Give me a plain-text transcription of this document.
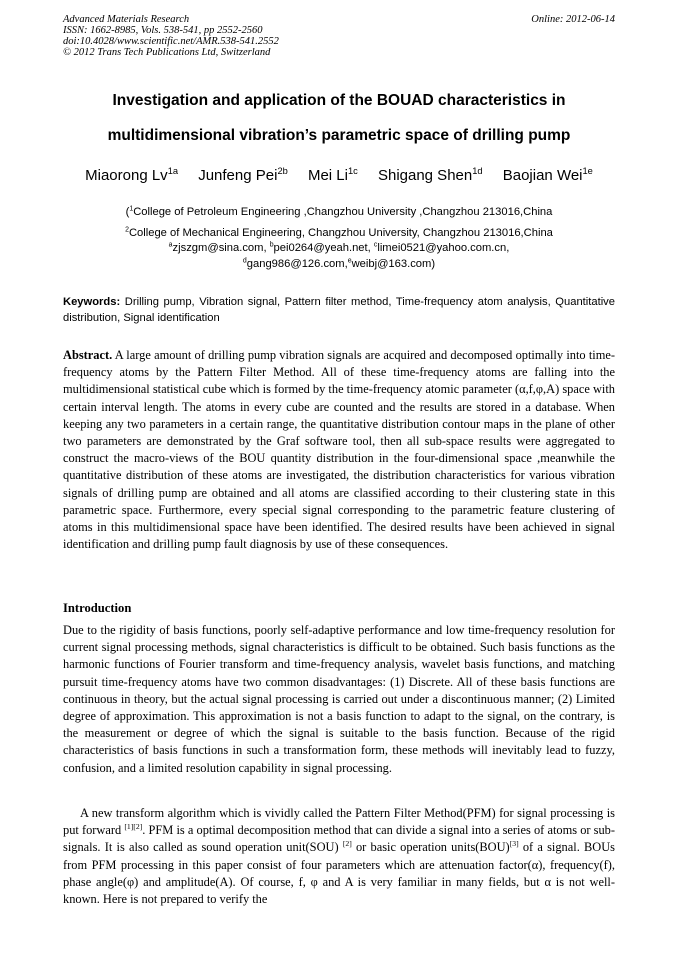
Advanced Materials Research
ISSN: 1662-8985, Vols. 538-541, pp 2552-2560
doi:10.4028/www.scientific.net/AMR.538-541.2552
© 2012 Trans Tech Publications Ltd, Switzerland
Online: 2012-06-14
Investigation and application of the BOUAD characteristics in
multidimensional vibration’s parametric space of drilling pump
Miaorong $Lv^{1a}$ Junfeng Pei$^{2b}$ Mei $Li^{1c}$ Shigang Shen$^{1d}$ Baojian Wei$^{1e}$
($^1$College of Petroleum Engineering ,Changzhou University ,Changzhou 213016,China
$^2$College of Mechanical Engineering, Changzhou University, Changzhou 213016,China
$^a$zjszgm@sina.com, $^b$pei0264@yeah.net, $^c$limei0521@yahoo.com.cn,
$^d$gang986@126.com,$^e$weibj@163.com)
Keywords: Drilling pump, Vibration signal, Pattern filter method, Time-frequency atom analysis, Quantitative distribution, Signal identification
Abstract. A large amount of drilling pump vibration signals are acquired and decomposed optimally into time-frequency atoms by the Pattern Filter Method. All of these time-frequency atoms are falling into the multidimensional statistical cube which is formed by the time-frequency atomic parameter (α,f,φ,A) space with certain interval length. The atoms in every cube are counted and the results are stored in a database. When keeping any two parameters in a certain range, the quantitative distribution contour maps in the plane of other two parameters are demonstrated by the Graf software tool, then all sub-space results were aggregated to construct the macro-views of the BOU quantity distribution in the four-dimensional space ,meanwhile the quantitative distribution of these atoms are investigated, the distribution characteristics for various vibration signals of drilling pump are obtained and all atoms are classified according to their clustering state in this parametric space. Furthermore, every special signal corresponding to the parametric feature clustering of atoms in this multidimensional space have been identified. The desired results have been achieved in signal identification and drilling pump fault diagnosis by use of these consequences.
Introduction
Due to the rigidity of basis functions, poorly self-adaptive performance and low time-frequency resolution for current signal processing methods, signal characteristics is difficult to be obtained. Such basis functions as the harmonic functions of Fourier transform and time-frequency analysis, wavelet basis functions, and matching pursuit time-frequency atoms have two common disadvantages: (1) Discrete. All of these basis functions are continuous in theory, but the actual signal processing is carried out under a discontinuous manner; (2) Limited degree of approximation. This approximation is not a basis function to adapt to the signal, on the contrary, is the measurement or degree of which the signal is suitable to the basis function. Because of the rigid characteristics of basis functions in such a transformation form, these methods will inevitably lead to fuzzy, confusion, and a limited resolution capability in signal processing.
A new transform algorithm which is vividly called the Pattern Filter Method(PFM) for signal processing is put forward [1][2]. PFM is a optimal decomposition method that can divide a signal into a series of atoms or sub-signals. It is also called as sound operation unit(SOU) [2] or basic operation units(BOU)[3] of a signal. BOUs from PFM processing in this paper consist of four parameters which are attenuation factor(α), frequency(f), phase angle(φ) and amplitude(A). Of course, f, φ and A is very familiar in many fields, but α is not well-known. Here is not prepared to verify the
